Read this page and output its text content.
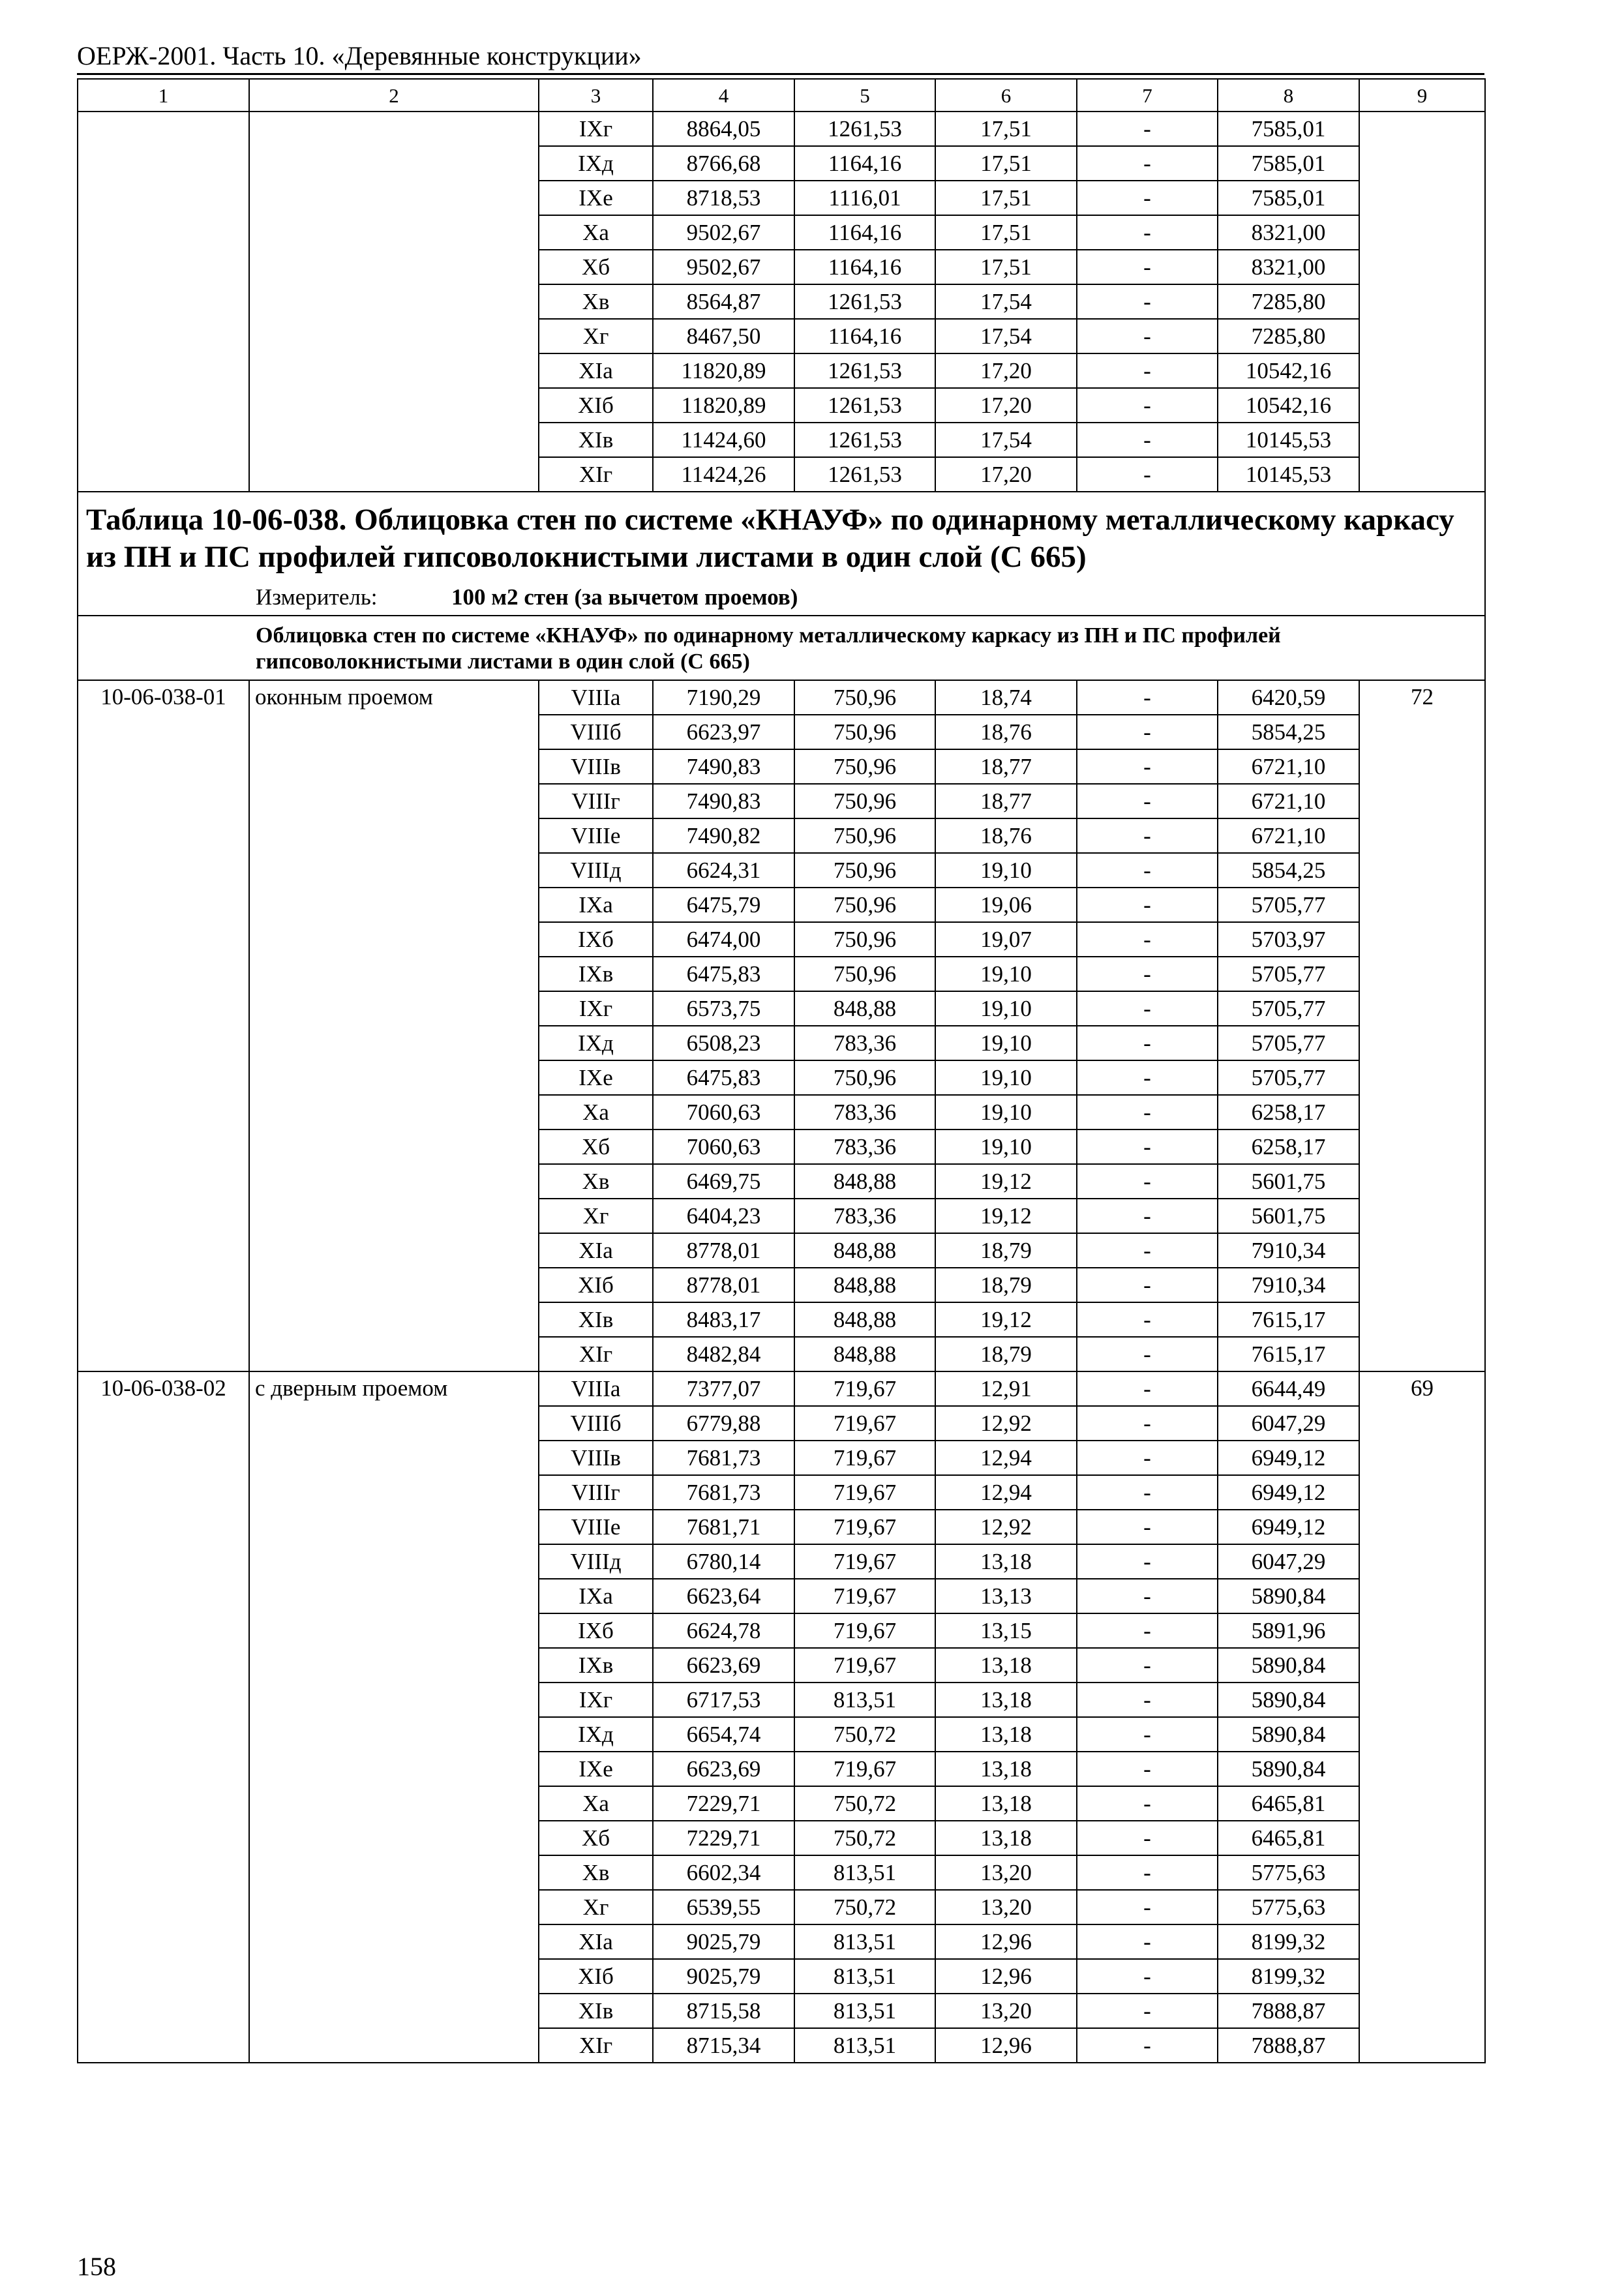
ОЕРЖ-2001. Часть 10. «Деревянные конструкции»
1	2	3	4	5	6	7	8	9
		IXг	8864,05	1261,53	17,51	-	7585,01	
		IXд	8766,68	1164,16	17,51	-	7585,01	
		IXе	8718,53	1116,01	17,51	-	7585,01	
		Xa	9502,67	1164,16	17,51	-	8321,00	
		Xб	9502,67	1164,16	17,51	-	8321,00	
		Xв	8564,87	1261,53	17,54	-	7285,80	
		Xг	8467,50	1164,16	17,54	-	7285,80	
		XIa	11820,89	1261,53	17,20	-	10542,16	
		XIб	11820,89	1261,53	17,20	-	10542,16	
		XIв	11424,60	1261,53	17,54	-	10145,53	
		XIг	11424,26	1261,53	17,20	-	10145,53	

Таблица 10-06-038. Облицовка стен по системе «КНАУФ» по одинарному металлическому каркасу из ПН и ПС профилей гипсоволокнистыми листами в один слой (С 665)
Измеритель: 100 м2 стен (за вычетом проемов)								

Облицовка стен по системе «КНАУФ» по одинарному металлическому каркасу из ПН и ПС профилей гипсоволокнистыми листами в один слой (С 665)								

10-06-038-01	оконным проемом	VIIIa	7190,29	750,96	18,74	-	6420,59	72
		VIIIб	6623,97	750,96	18,76	-	5854,25	
		VIIIв	7490,83	750,96	18,77	-	6721,10	
		VIIIг	7490,83	750,96	18,77	-	6721,10	
		VIIIе	7490,82	750,96	18,76	-	6721,10	
		VIIIд	6624,31	750,96	19,10	-	5854,25	
		IXa	6475,79	750,96	19,06	-	5705,77	
		IXб	6474,00	750,96	19,07	-	5703,97	
		IXв	6475,83	750,96	19,10	-	5705,77	
		IXг	6573,75	848,88	19,10	-	5705,77	
		IXд	6508,23	783,36	19,10	-	5705,77	
		IXе	6475,83	750,96	19,10	-	5705,77	
		Xa	7060,63	783,36	19,10	-	6258,17	
		Xб	7060,63	783,36	19,10	-	6258,17	
		Xв	6469,75	848,88	19,12	-	5601,75	
		Xг	6404,23	783,36	19,12	-	5601,75	
		XIa	8778,01	848,88	18,79	-	7910,34	
		XIб	8778,01	848,88	18,79	-	7910,34	
		XIв	8483,17	848,88	19,12	-	7615,17	
		XIг	8482,84	848,88	18,79	-	7615,17	
10-06-038-02	с дверным проемом	VIIIa	7377,07	719,67	12,91	-	6644,49	69
		VIIIб	6779,88	719,67	12,92	-	6047,29	
		VIIIв	7681,73	719,67	12,94	-	6949,12	
		VIIIг	7681,73	719,67	12,94	-	6949,12	
		VIIIе	7681,71	719,67	12,92	-	6949,12	
		VIIIд	6780,14	719,67	13,18	-	6047,29	
		IXa	6623,64	719,67	13,13	-	5890,84	
		IXб	6624,78	719,67	13,15	-	5891,96	
		IXв	6623,69	719,67	13,18	-	5890,84	
		IXг	6717,53	813,51	13,18	-	5890,84	
		IXд	6654,74	750,72	13,18	-	5890,84	
		IXе	6623,69	719,67	13,18	-	5890,84	
		Xa	7229,71	750,72	13,18	-	6465,81	
		Xб	7229,71	750,72	13,18	-	6465,81	
		Xв	6602,34	813,51	13,20	-	5775,63	
		Xг	6539,55	750,72	13,20	-	5775,63	
		XIa	9025,79	813,51	12,96	-	8199,32	
		XIб	9025,79	813,51	12,96	-	8199,32	
		XIв	8715,58	813,51	13,20	-	7888,87	
		XIг	8715,34	813,51	12,96	-	7888,87	
158
